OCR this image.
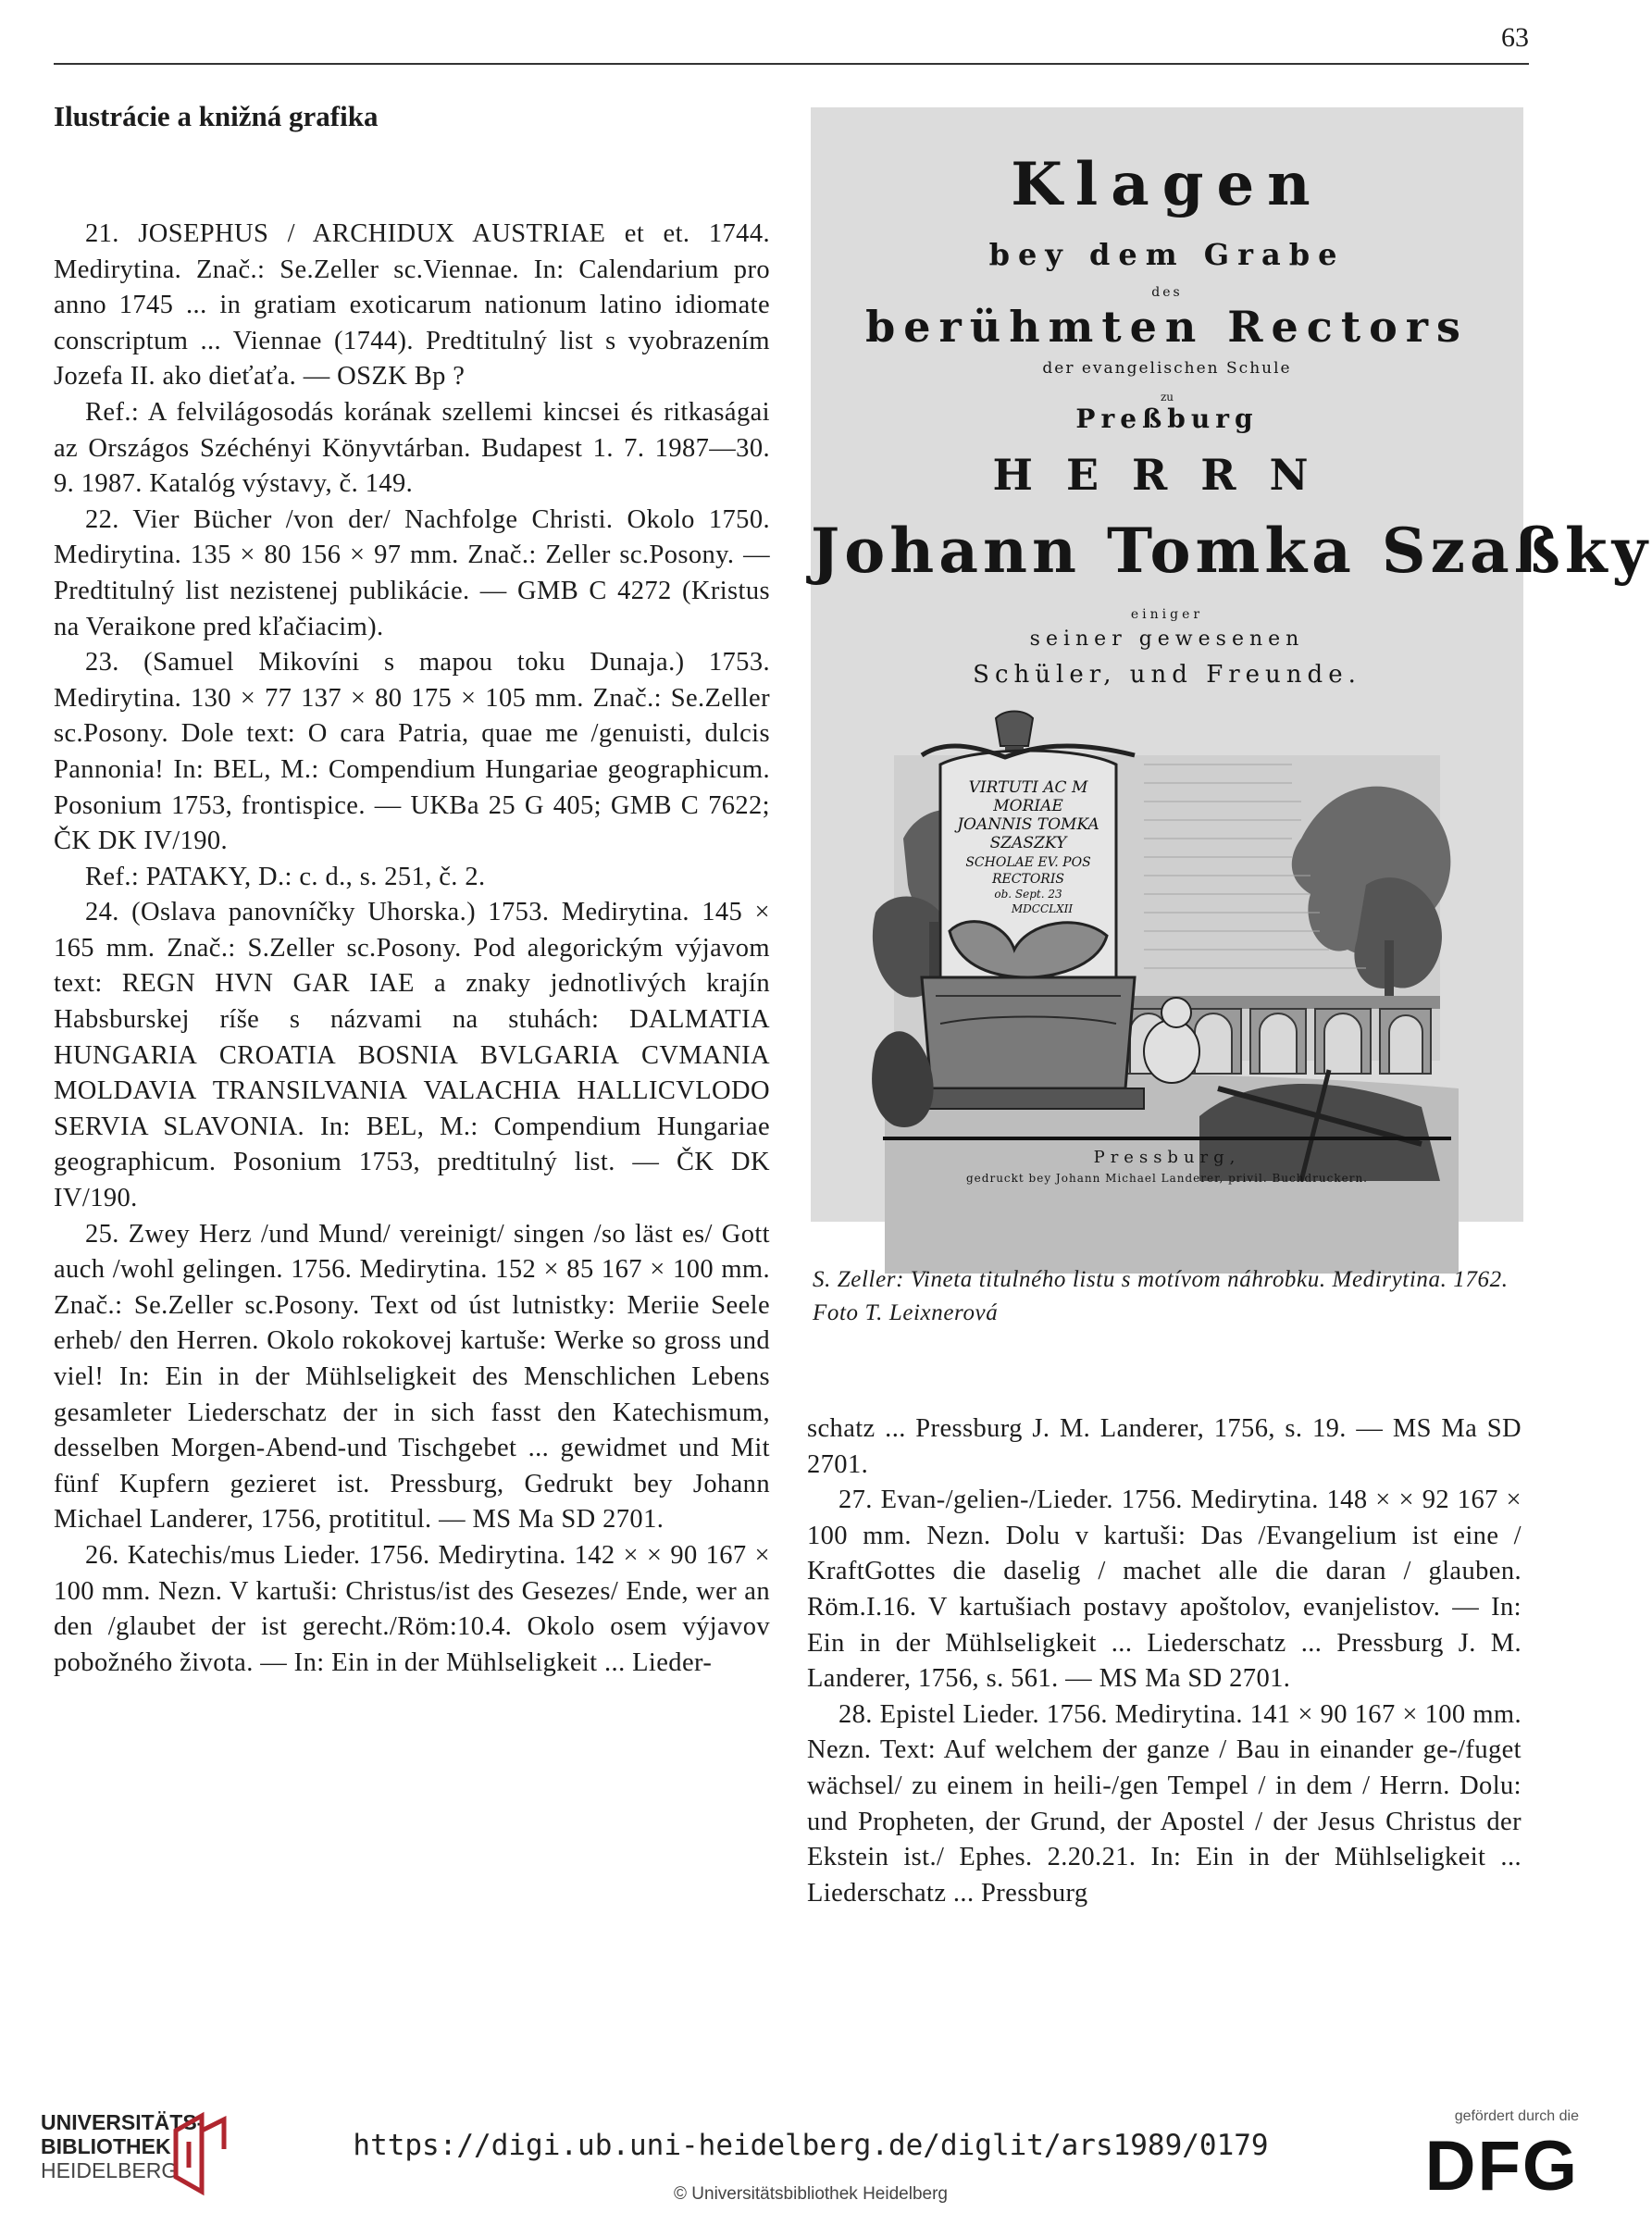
63
Ilustrácie a knižná grafika

21. JOSEPHUS / ARCHIDUX AUSTRIAE et et. 1744. Medirytina. Znač.: Se.Zeller sc.Viennae. In: Calendarium pro anno 1745 ... in gratiam exoticarum nationum latino idiomate conscriptum ... Viennae (1744). Predtitulný list s vyobrazením Jozefa II. ako dieťaťa. — OSZK Bp ?

Ref.: A felvilágosodás korának szellemi kincsei és ritkaságai az Országos Széchényi Könyvtárban. Budapest 1. 7. 1987—30. 9. 1987. Katalóg výstavy, č. 149.

22. Vier Bücher /von der/ Nachfolge Christi. Okolo 1750. Medirytina. 135 × 80 156 × 97 mm. Znač.: Zeller sc.Posony. — Predtitulný list nezistenej publikácie. — GMB C 4272 (Kristus na Veraikone pred kľačiacim).

23. (Samuel Mikovíni s mapou toku Dunaja.) 1753. Medirytina. 130 × 77 137 × 80 175 × 105 mm. Znač.: Se.Zeller sc.Posony. Dole text: O cara Patria, quae me /genuisti, dulcis Pannonia! In: BEL, M.: Compendium Hungariae geographicum. Posonium 1753, frontispice. — UKBa 25 G 405; GMB C 7622; ČK DK IV/190.

Ref.: PATAKY, D.: c. d., s. 251, č. 2.

24. (Oslava panovníčky Uhorska.) 1753. Medirytina. 145 × 165 mm. Znač.: S.Zeller sc.Posony. Pod alegorickým výjavom text: REGN HVN GAR IAE a znaky jednotlivých krajín Habsburskej ríše s názvami na stuhách: DALMATIA HUNGARIA CROATIA BOSNIA BVLGARIA CVMANIA MOLDAVIA TRANSILVANIA VALACHIA HALLICVLODO SERVIA SLAVONIA. In: BEL, M.: Compendium Hungariae geographicum. Posonium 1753, predtitulný list. — ČK DK IV/190.

25. Zwey Herz /und Mund/ vereinigt/ singen /so läst es/ Gott auch /wohl gelingen. 1756. Medirytina. 152 × 85 167 × 100 mm. Znač.: Se.Zeller sc.Posony. Text od úst lutnistky: Meriie Seele erheb/ den Herren. Okolo rokokovej kartuše: Werke so gross und viel! In: Ein in der Mühlseligkeit des Menschlichen Lebens gesamleter Liederschatz der in sich fasst den Katechismum, desselben Morgen-Abend-und Tischgebet ... gewidmet und Mit fünf Kupfern gezieret ist. Pressburg, Gedrukt bey Johann Michael Landerer, 1756, protititul. — MS Ma SD 2701.

26. Katechis/mus Lieder. 1756. Medirytina. 142 × × 90 167 × 100 mm. Nezn. V kartuši: Christus/ist des Gesezes/ Ende, wer an den /glaubet der ist gerecht./Röm:10.4. Okolo osem výjavov pobožného života. — In: Ein in der Mühlseligkeit ... Lieder-

Klagen
bey dem Grabe
des
berühmten Rectors
der evangelischen Schule
zu
Preßburg
HERRN
Johann Tomka Szaßky
einiger
seiner gewesenen
Schüler, und Freunde.
VIRTUTI AC M
MORIAE
JOANNIS TOMKA
SZASZKY
SCHOLAE EV. POS
RECTORIS
ob. Sept. 23
MDCCLXII
Pressburg,
gedruckt bey Johann Michael Landerer, privil. Buchdruckern.
S. Zeller: Vineta titulného listu s motívom náhrobku. Medirytina. 1762. Foto T. Leixnerová

schatz ... Pressburg J. M. Landerer, 1756, s. 19. — MS Ma SD 2701.

27. Evan-/gelien-/Lieder. 1756. Medirytina. 148 × × 92 167 × 100 mm. Nezn. Dolu v kartuši: Das /Evangelium ist eine / KraftGottes die daselig / machet alle die daran / glauben. Röm.I.16. V kartušiach postavy apoštolov, evanjelistov. — In: Ein in der Mühlseligkeit ... Liederschatz ... Pressburg J. M. Landerer, 1756, s. 561. — MS Ma SD 2701.

28. Epistel Lieder. 1756. Medirytina. 141 × 90 167 × 100 mm. Nezn. Text: Auf welchem der ganze / Bau in einander ge-/fuget wächsel/ zu einem in heili-/gen Tempel / in dem / Herrn. Dolu: und Propheten, der Grund, der Apostel / der Jesus Christus der Ekstein ist./ Ephes. 2.20.21. In: Ein in der Mühlseligkeit ... Liederschatz ... Pressburg

UNIVERSITÄTS-
BIBLIOTHEK
HEIDELBERG
https://digi.ub.uni-heidelberg.de/diglit/ars1989/0179
© Universitätsbibliothek Heidelberg
gefördert durch die
DFG
